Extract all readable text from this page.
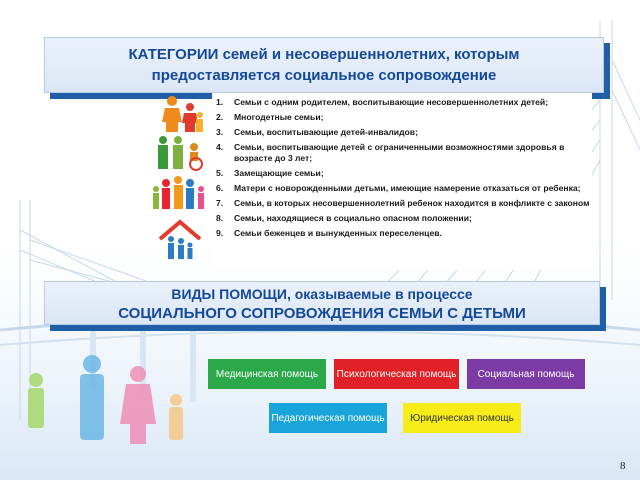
КАТЕГОРИИ семей и несовершеннолетних, которым
предоставляется социальное сопровождение
1.	Семьи с одним родителем, воспитывающие несовершеннолетних детей;
2.	Многодетные семьи;
3.	Семьи, воспитывающие детей-инвалидов;
4.	Семьи, воспитывающие детей с ограниченными возможностями здоровья в возрасте до 3 лет;
5.	Замещающие семьи;
6.	Матери с новорожденными детьми, имеющие намерение отказаться от ребенка;
7.	Семьи, в которых несовершеннолетний ребенок находится в конфликте с законом
8.	Семьи, находящиеся в социально опасном положении;
9.	Семьи беженцев и вынужденных переселенцев.
ВИДЫ ПОМОЩИ, оказываемые в процессе
СОЦИАЛЬНОГО СОПРОВОЖДЕНИЯ СЕМЬИ С ДЕТЬМИ
Медицинская помощь	Психологическая помощь	Социальная помощь
Педагогическая помощь	Юридическая помощь
8
